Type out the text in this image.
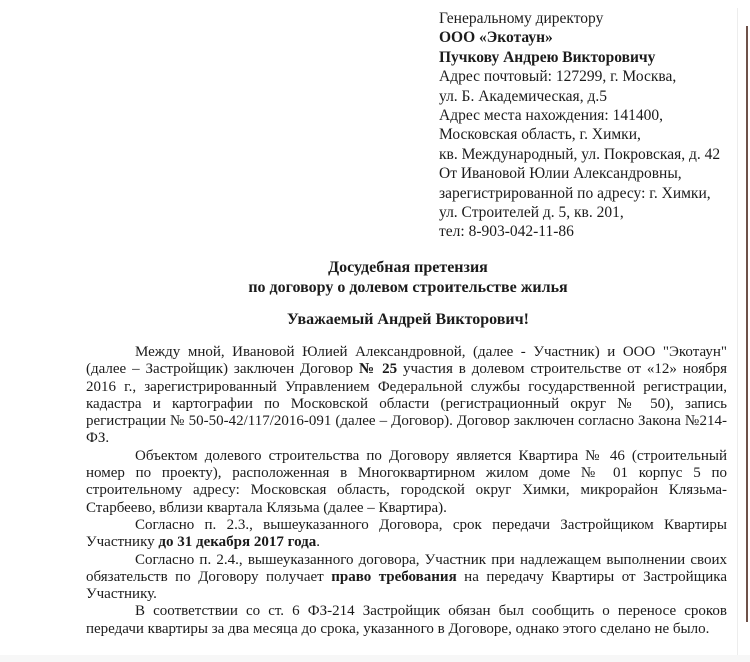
Генеральному директору
ООО «Экотаун»
Пучкову Андрею Викторовичу
Адрес почтовый: 127299, г. Москва,
ул. Б. Академическая, д.5
Адрес места нахождения: 141400,
Московская область, г. Химки,
кв. Международный, ул. Покровская, д. 42
От Ивановой Юлии Александровны,
зарегистрированной по адресу: г. Химки,
ул. Строителей д. 5, кв. 201,
тел: 8-903-042-11-86
Досудебная претензия
по договору о долевом строительстве жилья
Уважаемый Андрей Викторович!

Между мной, Ивановой Юлией Александровной, (далее - Участник) и ООО "Экотаун" (далее – Застройщик) заключен Договор № 25 участия в долевом строительстве от «12» ноября 2016 г., зарегистрированный Управлением Федеральной службы государственной регистрации, кадастра и картографии по Московской области (регистрационный округ № 50), запись регистрации № 50-50-42/117/2016-091 (далее – Договор). Договор заключен согласно Закона №214-ФЗ.

Объектом долевого строительства по Договору является Квартира № 46 (строительный номер по проекту), расположенная в Многоквартирном жилом доме № 01 корпус 5 по строительному адресу: Московская область, городской округ Химки, микрорайон Клязьма-Старбеево, вблизи квартала Клязьма (далее – Квартира).

Согласно п. 2.3., вышеуказанного Договора, срок передачи Застройщиком Квартиры Участнику до 31 декабря 2017 года.

Согласно п. 2.4., вышеуказанного договора, Участник при надлежащем выполнении своих обязательств по Договору получает право требования на передачу Квартиры от Застройщика Участнику.

В соответствии со ст. 6 ФЗ-214 Застройщик обязан был сообщить о переносе сроков передачи квартиры за два месяца до срока, указанного в Договоре, однако этого сделано не было.
